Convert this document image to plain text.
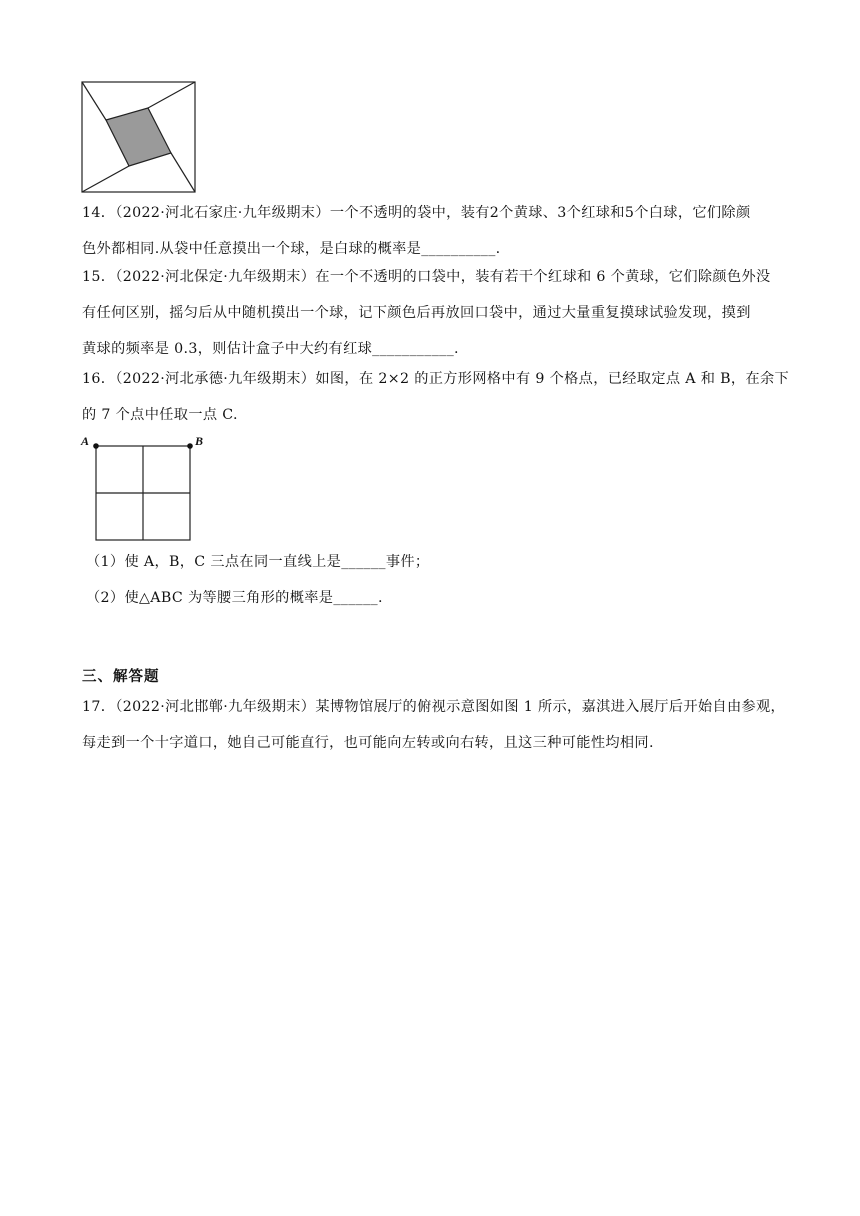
14．（2022·河北石家庄·九年级期末）一个不透明的袋中，装有2个黄球、3个红球和5个白球，它们除颜
色外都相同.从袋中任意摸出一个球，是白球的概率是__________.
15．（2022·河北保定·九年级期末）在一个不透明的口袋中，装有若干个红球和 6 个黄球，它们除颜色外没
有任何区别，摇匀后从中随机摸出一个球，记下颜色后再放回口袋中，通过大量重复摸球试验发现，摸到
黄球的频率是 0.3，则估计盒子中大约有红球___________.
16．（2022·河北承德·九年级期末）如图，在 2×2 的正方形网格中有 9 个格点，已经取定点 A 和 B，在余下
的 7 个点中任取一点 C.
A	B
（1）使 A，B，C 三点在同一直线上是______事件；
（2）使△ABC 为等腰三角形的概率是______.
三、解答题
17．（2022·河北邯郸·九年级期末）某博物馆展厅的俯视示意图如图 1 所示，嘉淇进入展厅后开始自由参观，
每走到一个十字道口，她自己可能直行，也可能向左转或向右转，且这三种可能性均相同.
